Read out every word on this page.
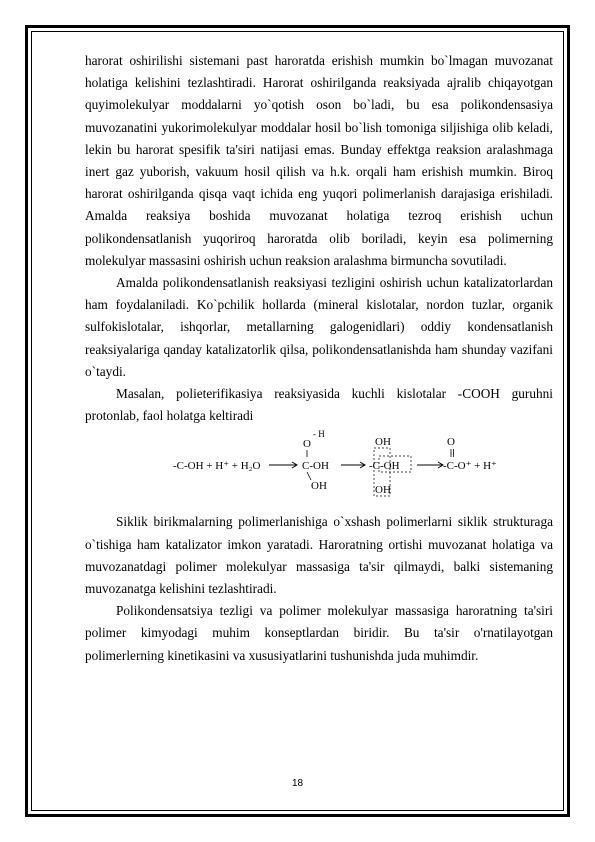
harorat oshirilishi sistemani past haroratda erishish mumkin bo`lmagan muvozanat holatiga kelishini tezlashtiradi. Harorat oshirilganda reaksiyada ajralib chiqayotgan quyimolekulyar moddalarni yo`qotish oson bo`ladi, bu esa polikondensasiya muvozanatini yukorimolekulyar moddalar hosil bo`lish tomoniga siljishiga olib keladi, lekin bu harorat spesifik ta'siri natijasi emas. Bunday effektga reaksion aralashmaga inert gaz yuborish, vakuum hosil qilish va h.k. orqali ham erishish mumkin. Biroq harorat oshirilganda qisqa vaqt ichida eng yuqori polimerlanish darajasiga erishiladi. Amalda reaksiya boshida muvozanat holatiga tezroq erishish uchun polikondensatlanish yuqoriroq haroratda olib boriladi, keyin esa polimerning molekulyar massasini oshirish uchun reaksion aralashma birmuncha sovutiladi.

Amalda polikondensatlanish reaksiyasi tezligini oshirish uchun katalizatorlardan ham foydalaniladi. Ko`pchilik hollarda (mineral kislotalar, nordon tuzlar, organik sulfokislotalar, ishqorlar, metallarning galogenidlari) oddiy kondensatlanish reaksiyalariga qanday katalizatorlik qilsa, polikondensatlanishda ham shunday vazifani o`taydi.

Masalan, polieterifikasiya reaksiyasida kuchli kislotalar -COOH guruhni protonlab, faol holatga keltiradi

-C-OH + H⁺ + H₂O
O
- H
C-OH
OH
OH
-C-OH
OH
O
-C-O⁺ + H⁺

Siklik birikmalarning polimerlanishiga o`xshash polimerlarni siklik strukturaga o`tishiga ham katalizator imkon yaratadi. Haroratning ortishi muvozanat holatiga va muvozanatdagi polimer molekulyar massasiga ta'sir qilmaydi, balki sistemaning muvozanatga kelishini tezlashtiradi.

Polikondensatsiya tezligi va polimer molekulyar massasiga haroratning ta'siri polimer kimyodagi muhim konseptlardan biridir. Bu ta'sir o'rnatilayotgan polimerlerning kinetikasini va xususiyatlarini tushunishda juda muhimdir.

18
